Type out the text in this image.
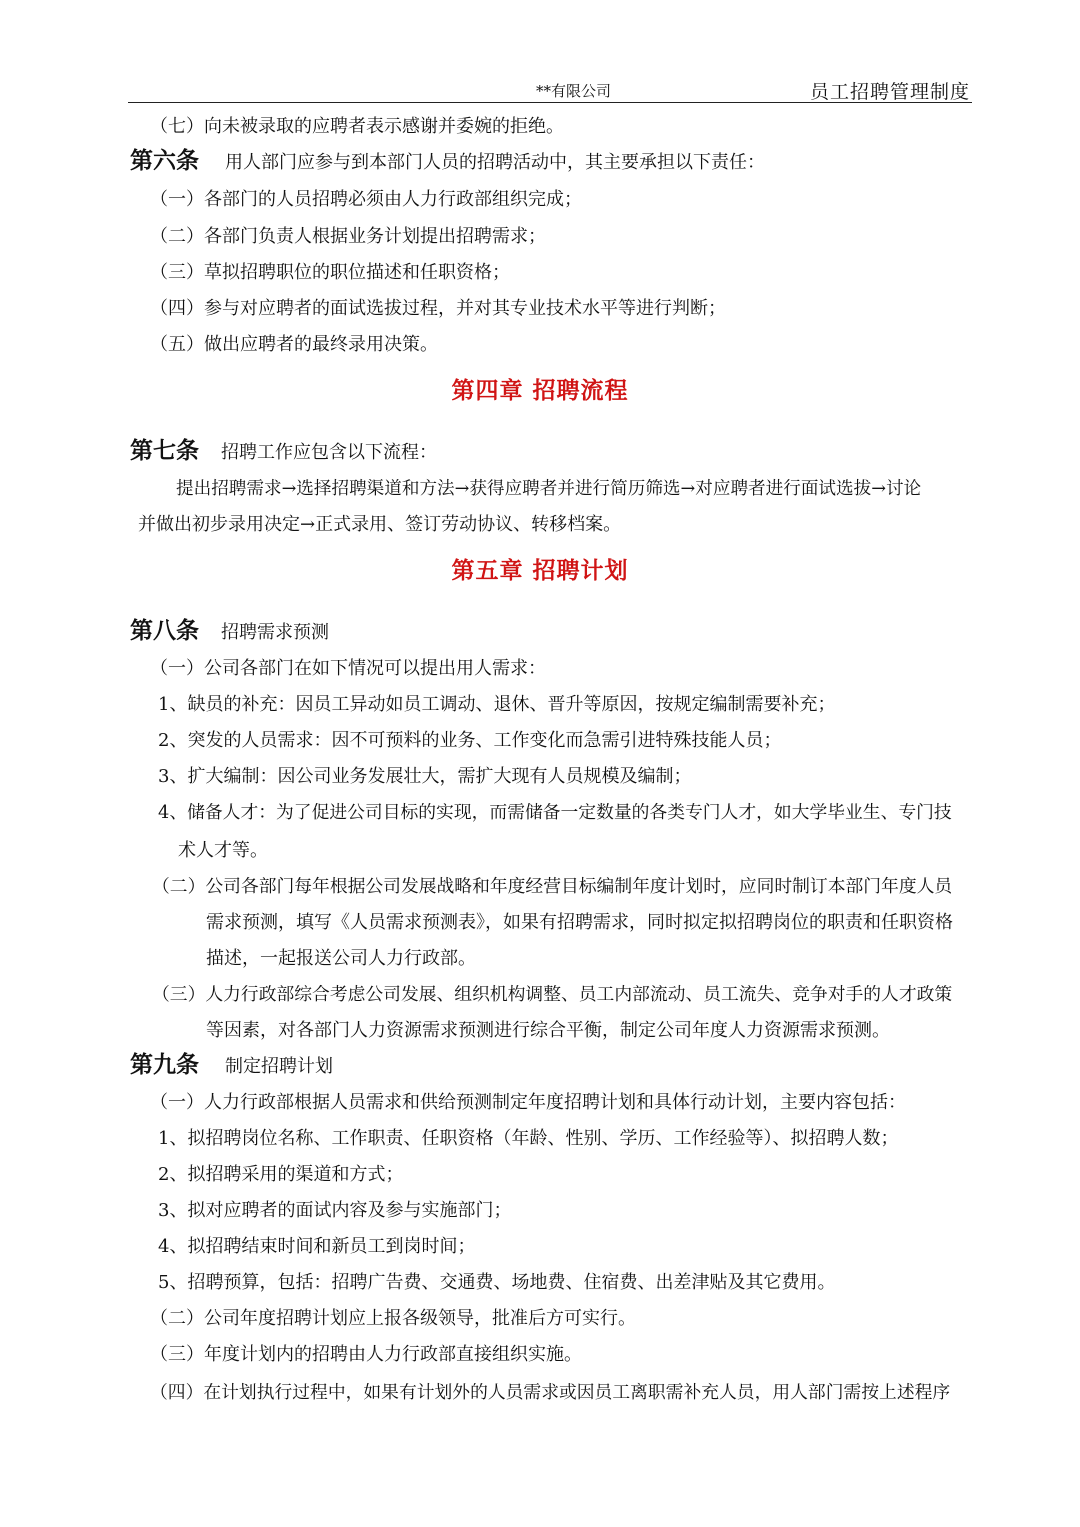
**有限公司	员工招聘管理制度
（七）向未被录取的应聘者表示感谢并委婉的拒绝。
第六条 用人部门应参与到本部门人员的招聘活动中，其主要承担以下责任：
（一）各部门的人员招聘必须由人力行政部组织完成；
（二）各部门负责人根据业务计划提出招聘需求；
（三）草拟招聘职位的职位描述和任职资格；
（四）参与对应聘者的面试选拔过程，并对其专业技术水平等进行判断；
（五）做出应聘者的最终录用决策。
第四章 招聘流程
第七条 招聘工作应包含以下流程：
提出招聘需求→选择招聘渠道和方法→获得应聘者并进行简历筛选→对应聘者进行面试选拔→讨论
并做出初步录用决定→正式录用、签订劳动协议、转移档案。
第五章 招聘计划
第八条 招聘需求预测
（一）公司各部门在如下情况可以提出用人需求：
1、缺员的补充：因员工异动如员工调动、退休、晋升等原因，按规定编制需要补充；
2、突发的人员需求：因不可预料的业务、工作变化而急需引进特殊技能人员；
3、扩大编制：因公司业务发展壮大，需扩大现有人员规模及编制；
4、储备人才：为了促进公司目标的实现，而需储备一定数量的各类专门人才，如大学毕业生、专门技
术人才等。
（二）公司各部门每年根据公司发展战略和年度经营目标编制年度计划时，应同时制订本部门年度人员
需求预测，填写《人员需求预测表》，如果有招聘需求，同时拟定拟招聘岗位的职责和任职资格
描述，一起报送公司人力行政部。
（三）人力行政部综合考虑公司发展、组织机构调整、员工内部流动、员工流失、竞争对手的人才政策
等因素，对各部门人力资源需求预测进行综合平衡，制定公司年度人力资源需求预测。
第九条 制定招聘计划
（一）人力行政部根据人员需求和供给预测制定年度招聘计划和具体行动计划，主要内容包括：
1、拟招聘岗位名称、工作职责、任职资格（年龄、性别、学历、工作经验等）、拟招聘人数；
2、拟招聘采用的渠道和方式；
3、拟对应聘者的面试内容及参与实施部门；
4、拟招聘结束时间和新员工到岗时间；
5、招聘预算，包括：招聘广告费、交通费、场地费、住宿费、出差津贴及其它费用。
（二）公司年度招聘计划应上报各级领导，批准后方可实行。
（三）年度计划内的招聘由人力行政部直接组织实施。
（四）在计划执行过程中，如果有计划外的人员需求或因员工离职需补充人员，用人部门需按上述程序
